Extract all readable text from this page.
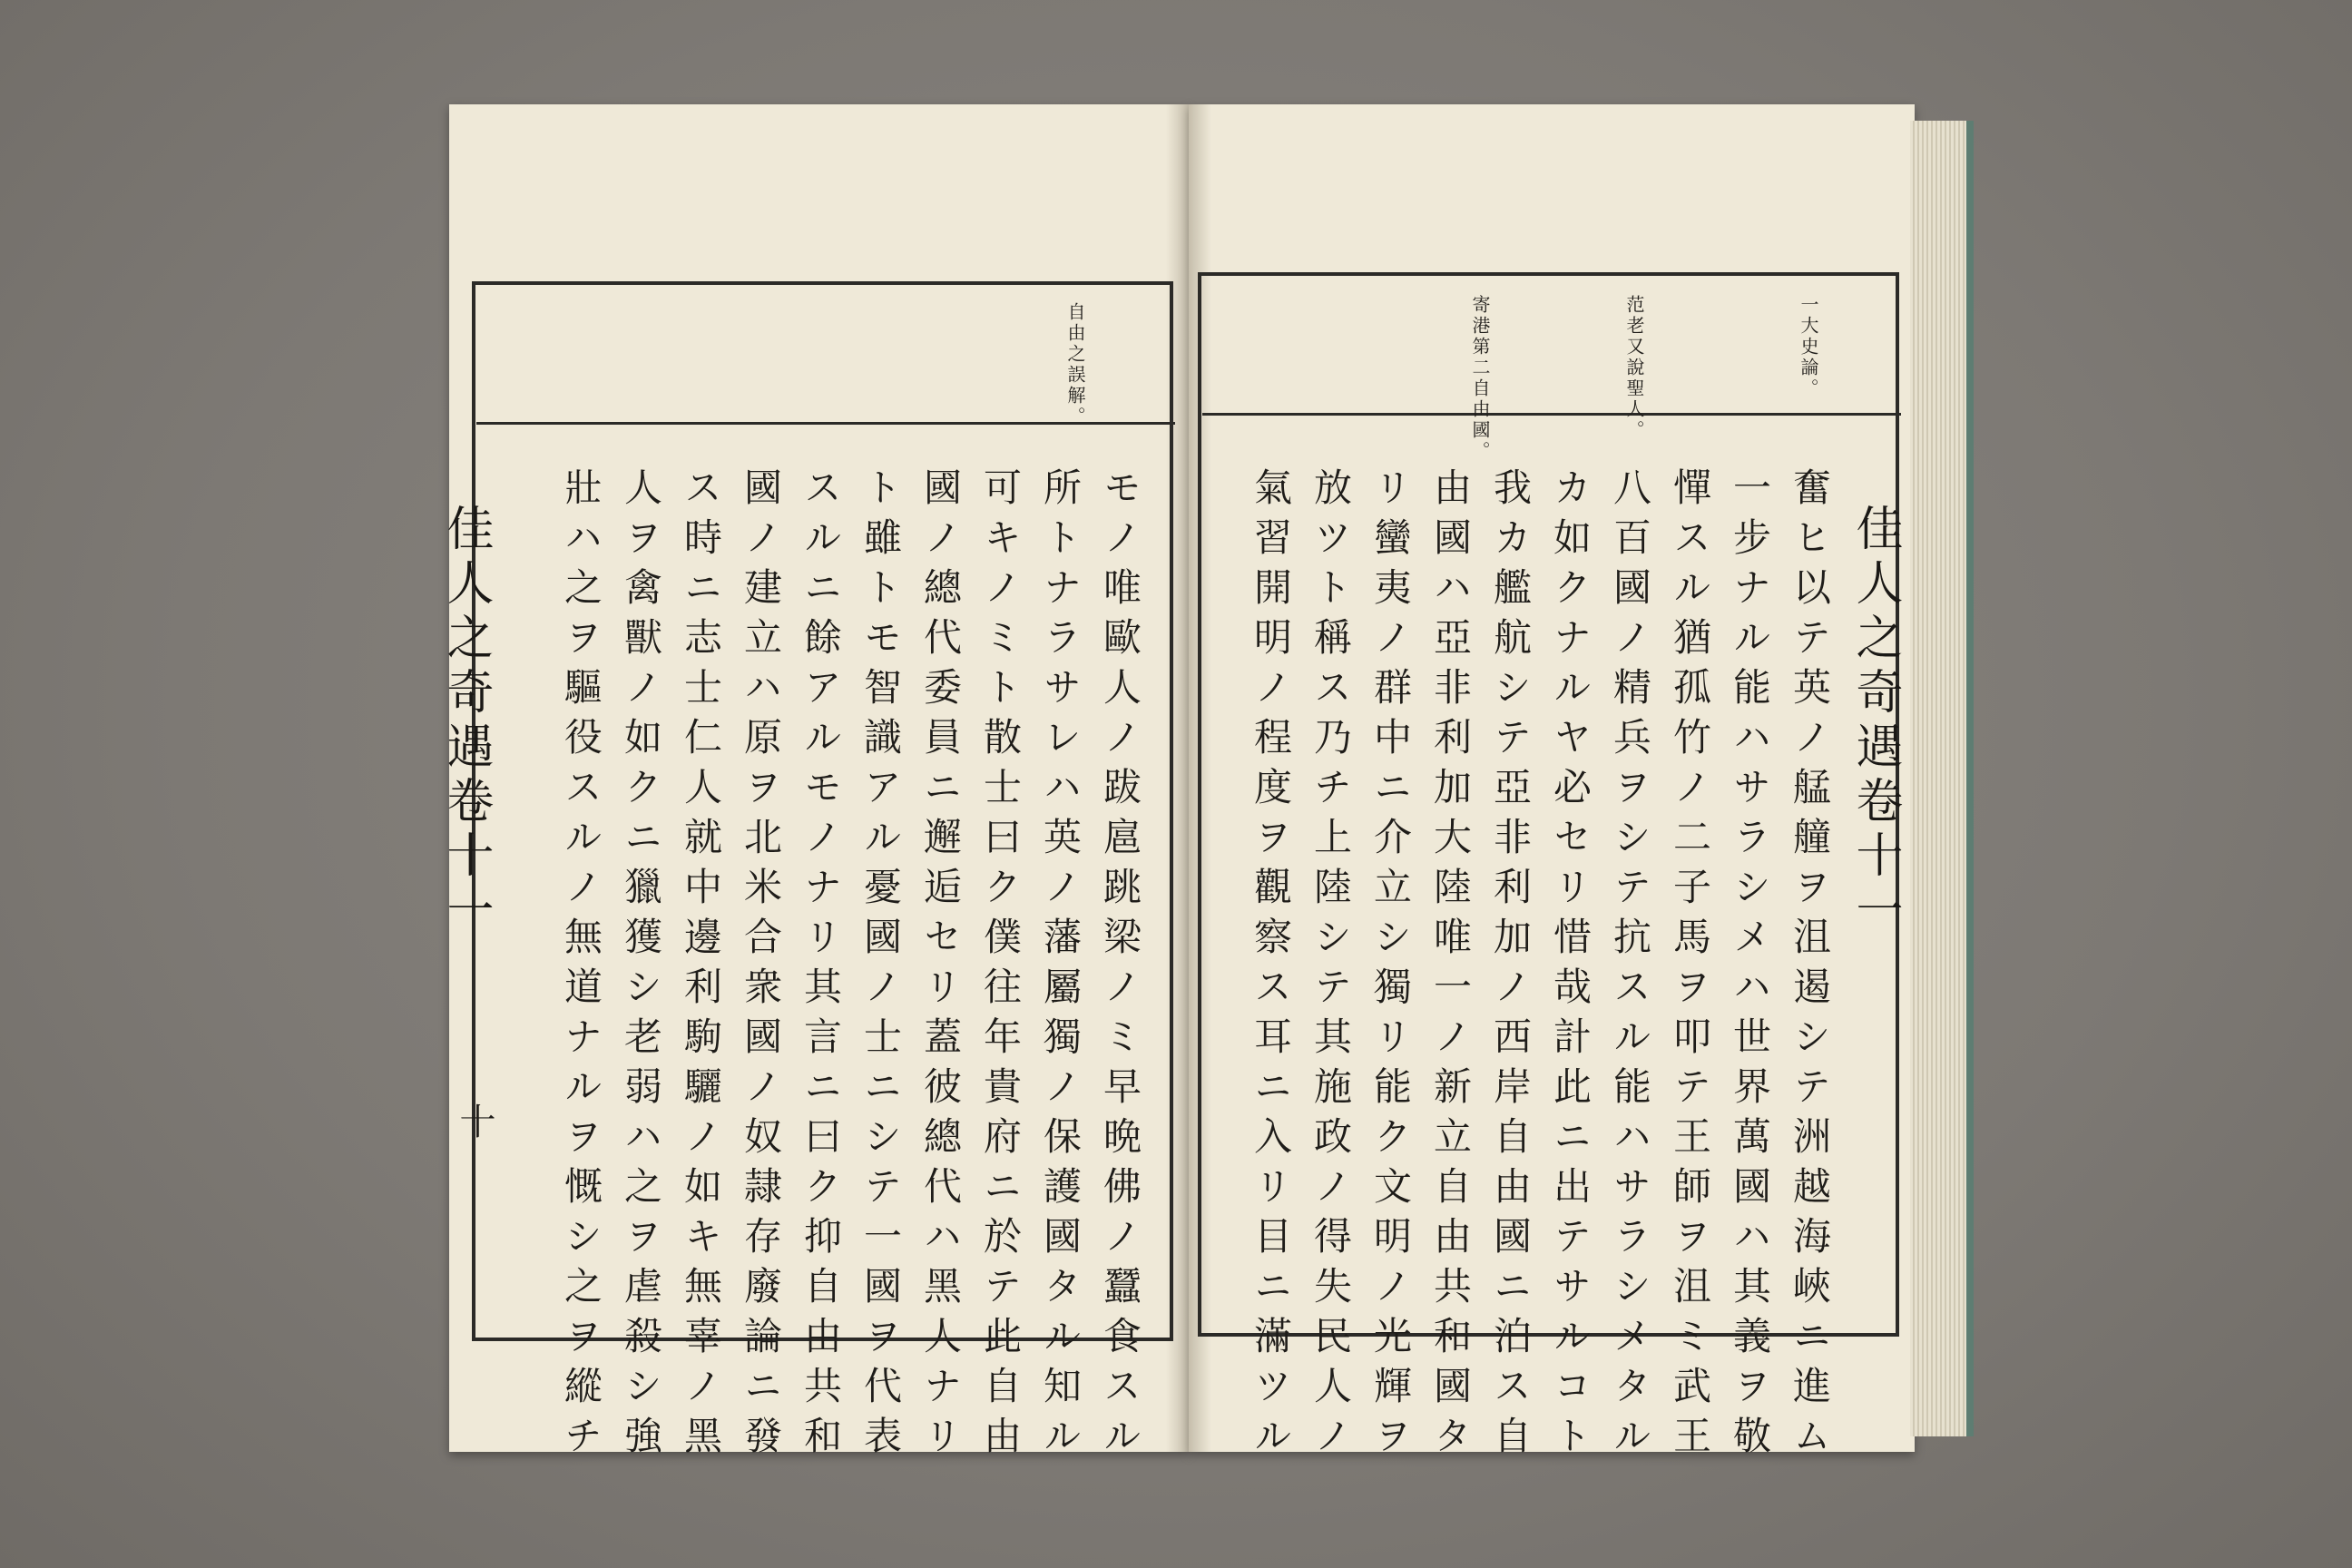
自由之誤解。
佳人之奇遇卷十一
十	モノ唯歐人ノ跋扈跳梁ノミ早晩佛ノ蠶食スル
所トナラサレハ英ノ藩屬獨ノ保護國タル知ル
可キノミト散士曰ク僕往年貴府ニ於テ此自由
國ノ總代委員ニ邂逅セリ蓋彼總代ハ黑人ナリ
ト雖トモ智識アル憂國ノ士ニシテ一國ヲ代表
スルニ餘アルモノナリ其言ニ曰ク抑自由共和
國ノ建立ハ原ヲ北米合衆國ノ奴隷存廢論ニ發
ス時ニ志士仁人就中邊利駒驪ノ如キ無辜ノ黑
人ヲ禽獸ノ如クニ獵獲シ老弱ハ之ヲ虐殺シ強
壯ハ之ヲ驅役スルノ無道ナルヲ慨シ之ヲ縱チ
一大史論。
范老又說聖人。
寄港第二自由國。
佳人之奇遇卷十一
奮ヒ以テ英ノ艋艟ヲ沮遏シテ洲越海峽ニ進ム
一步ナル能ハサラシメハ世界萬國ハ其義ヲ敬
憚スル猶孤竹ノ二子馬ヲ叩テ王師ヲ沮ミ武王
八百國ノ精兵ヲシテ抗スル能ハサラシメタル
カ如クナルヤ必セリ惜哉計此ニ出テサルコト
我カ艦航シテ亞非利加ノ西岸自由國ニ泊ス自
由國ハ亞非利加大陸唯一ノ新立自由共和國タ
リ蠻夷ノ群中ニ介立シ獨リ能ク文明ノ光輝ヲ
放ツト稱ス乃チ上陸シテ其施政ノ得失民人ノ
氣習開明ノ程度ヲ觀察ス耳ニ入リ目ニ滿ツル
